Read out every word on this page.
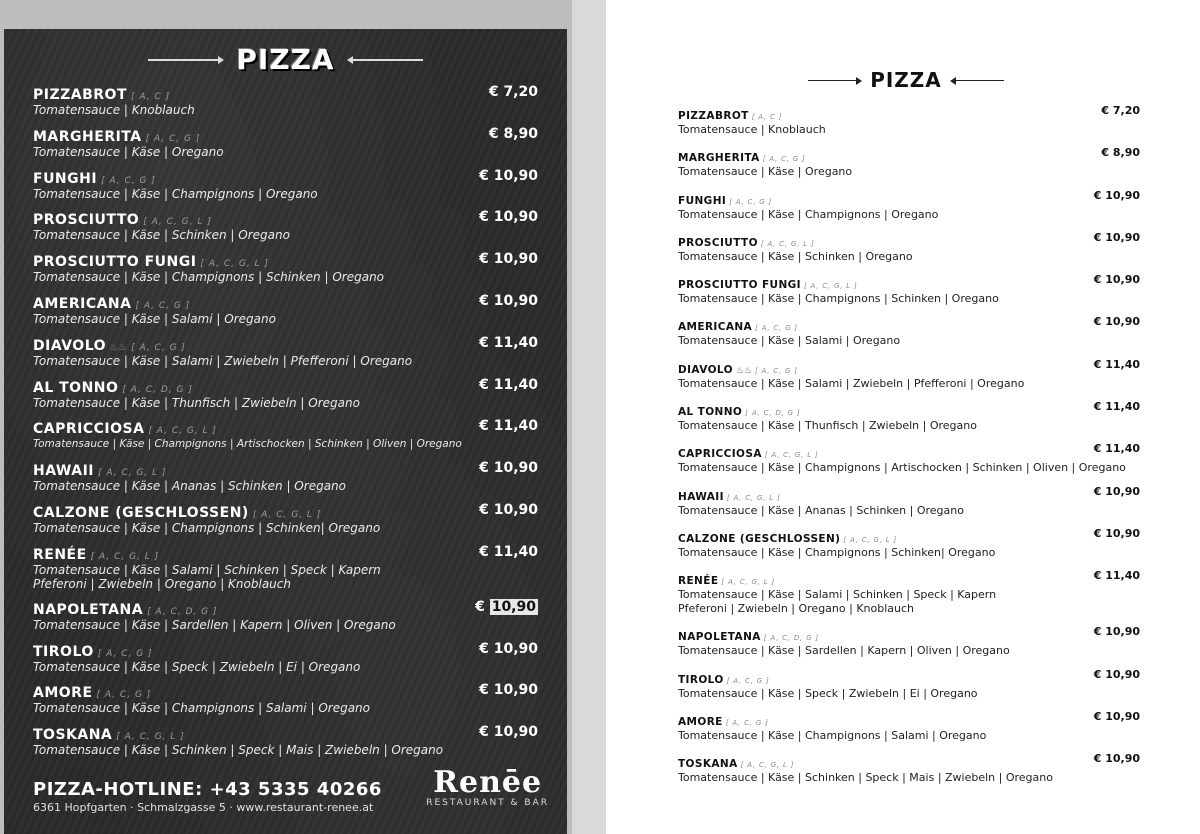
PIZZA
PIZZABROT [ A, C ]
Tomatensauce | Knoblauch
€ 7,20
MARGHERITA [ A, C, G ]
Tomatensauce | Käse | Oregano
€ 8,90
FUNGHI [ A, C, G ]
Tomatensauce | Käse | Champignons | Oregano
€ 10,90
PROSCIUTTO [ A, C, G, L ]
Tomatensauce | Käse | Schinken | Oregano
€ 10,90
PROSCIUTTO FUNGI [ A, C, G, L ]
Tomatensauce | Käse | Champignons | Schinken | Oregano
€ 10,90
AMERICANA [ A, C, G ]
Tomatensauce | Käse | Salami | Oregano
€ 10,90
DIAVOLO ♨♨ [ A, C, G ]
Tomatensauce | Käse | Salami | Zwiebeln | Pfefferoni | Oregano
€ 11,40
AL TONNO [ A, C, D, G ]
Tomatensauce | Käse | Thunfisch | Zwiebeln | Oregano
€ 11,40
CAPRICCIOSA [ A, C, G, L ]
Tomatensauce | Käse | Champignons | Artischocken | Schinken | Oliven | Oregano
€ 11,40
HAWAII [ A, C, G, L ]
Tomatensauce | Käse | Ananas | Schinken | Oregano
€ 10,90
CALZONE (GESCHLOSSEN) [ A, C, G, L ]
Tomatensauce | Käse | Champignons | Schinken| Oregano
€ 10,90
RENÉE [ A, C, G, L ]
Tomatensauce | Käse | Salami | Schinken | Speck | Kapern
Pfeferoni | Zwiebeln | Oregano | Knoblauch
€ 11,40
NAPOLETANA [ A, C, D, G ]
Tomatensauce | Käse | Sardellen | Kapern | Oliven | Oregano
€ 10,90
TIROLO [ A, C, G ]
Tomatensauce | Käse | Speck | Zwiebeln | Ei | Oregano
€ 10,90
AMORE [ A, C, G ]
Tomatensauce | Käse | Champignons | Salami | Oregano
€ 10,90
TOSKANA [ A, C, G, L ]
Tomatensauce | Käse | Schinken | Speck | Mais | Zwiebeln | Oregano
€ 10,90
PIZZA-HOTLINE: +43 5335 40266
6361 Hopfgarten · Schmalzgasse 5 · www.restaurant-renee.at
Renēe
RESTAURANT & BAR
PIZZA
PIZZABROT [ A, C ]
Tomatensauce | Knoblauch
€ 7,20
MARGHERITA [ A, C, G ]
Tomatensauce | Käse | Oregano
€ 8,90
FUNGHI [ A, C, G ]
Tomatensauce | Käse | Champignons | Oregano
€ 10,90
PROSCIUTTO [ A, C, G, L ]
Tomatensauce | Käse | Schinken | Oregano
€ 10,90
PROSCIUTTO FUNGI [ A, C, G, L ]
Tomatensauce | Käse | Champignons | Schinken | Oregano
€ 10,90
AMERICANA [ A, C, G ]
Tomatensauce | Käse | Salami | Oregano
€ 10,90
DIAVOLO ♨♨ [ A, C, G ]
Tomatensauce | Käse | Salami | Zwiebeln | Pfefferoni | Oregano
€ 11,40
AL TONNO [ A, C, D, G ]
Tomatensauce | Käse | Thunfisch | Zwiebeln | Oregano
€ 11,40
CAPRICCIOSA [ A, C, G, L ]
Tomatensauce | Käse | Champignons | Artischocken | Schinken | Oliven | Oregano
€ 11,40
HAWAII [ A, C, G, L ]
Tomatensauce | Käse | Ananas | Schinken | Oregano
€ 10,90
CALZONE (GESCHLOSSEN) [ A, C, G, L ]
Tomatensauce | Käse | Champignons | Schinken| Oregano
€ 10,90
RENÉE [ A, C, G, L ]
Tomatensauce | Käse | Salami | Schinken | Speck | Kapern
Pfeferoni | Zwiebeln | Oregano | Knoblauch
€ 11,40
NAPOLETANA [ A, C, D, G ]
Tomatensauce | Käse | Sardellen | Kapern | Oliven | Oregano
€ 10,90
TIROLO [ A, C, G ]
Tomatensauce | Käse | Speck | Zwiebeln | Ei | Oregano
€ 10,90
AMORE [ A, C, G ]
Tomatensauce | Käse | Champignons | Salami | Oregano
€ 10,90
TOSKANA [ A, C, G, L ]
Tomatensauce | Käse | Schinken | Speck | Mais | Zwiebeln | Oregano
€ 10,90
